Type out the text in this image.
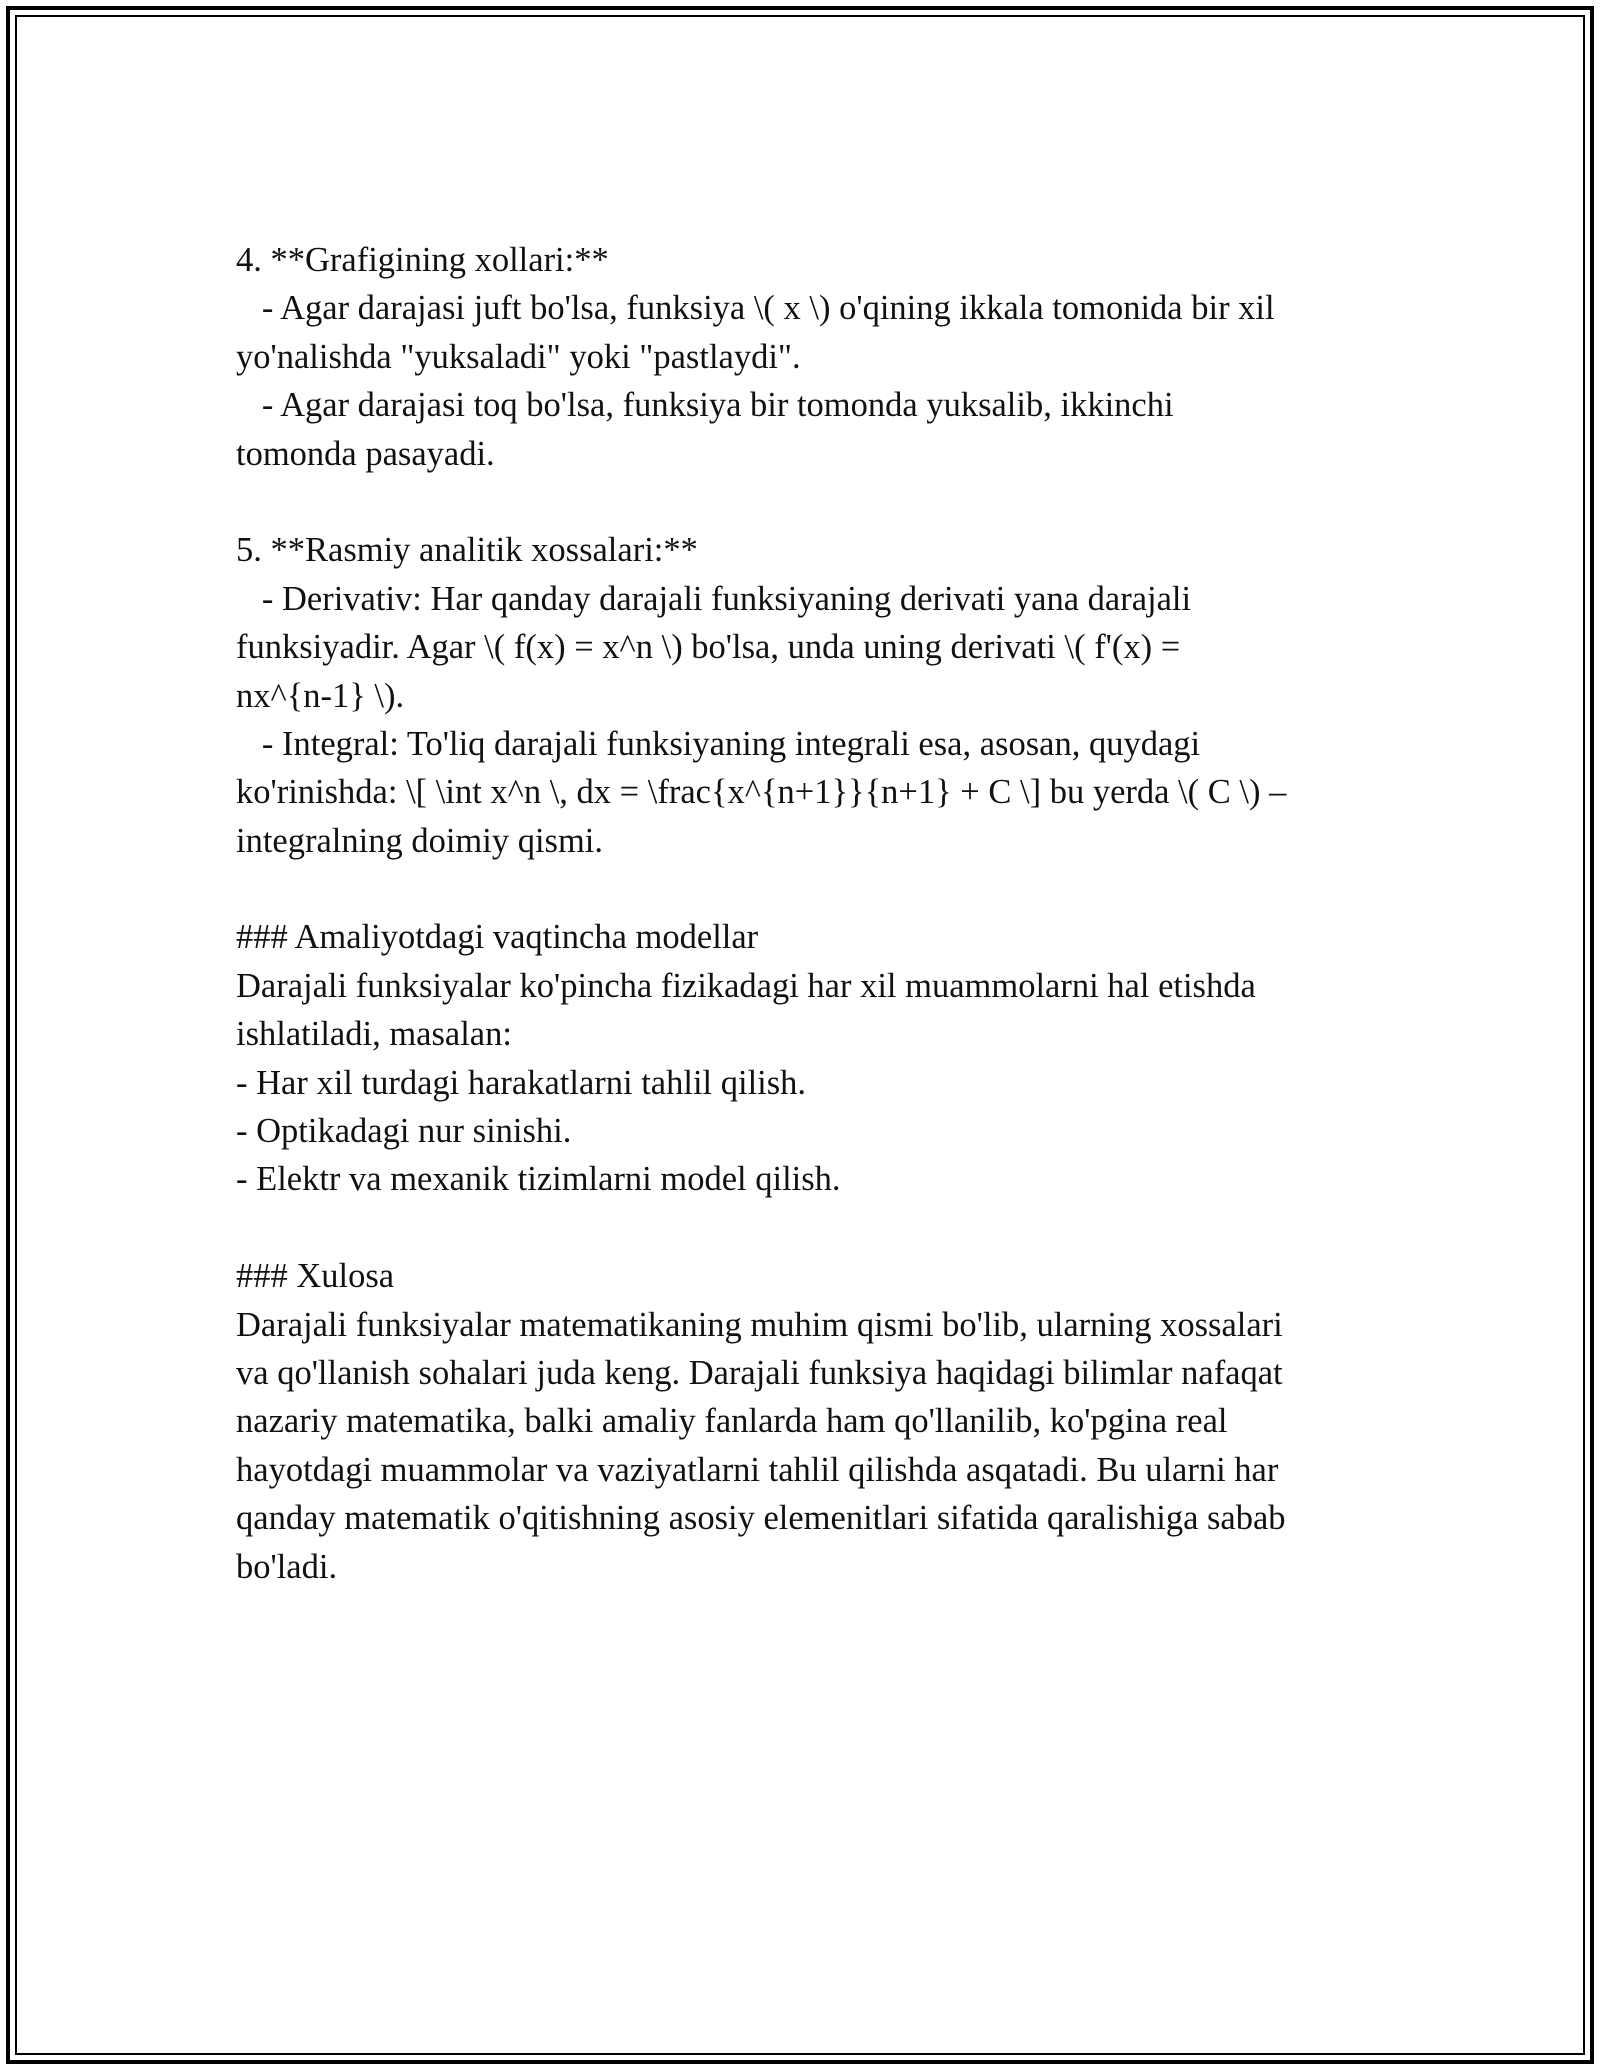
4. **Grafigining xollari:**
- Agar darajasi juft bo'lsa, funksiya \( x \) o'qining ikkala tomonida bir xil
yo'nalishda "yuksaladi" yoki "pastlaydi".
- Agar darajasi toq bo'lsa, funksiya bir tomonda yuksalib, ikkinchi
tomonda pasayadi.
5. **Rasmiy analitik xossalari:**
- Derivativ: Har qanday darajali funksiyaning derivati yana darajali
funksiyadir. Agar \( f(x) = x^n \) bo'lsa, unda uning derivati \( f'(x) =
nx^{n-1} \).
- Integral: To'liq darajali funksiyaning integrali esa, asosan, quydagi
ko'rinishda: \[ \int x^n \, dx = \frac{x^{n+1}}{n+1} + C \] bu yerda \( C \) –
integralning doimiy qismi.
### Amaliyotdagi vaqtincha modellar
Darajali funksiyalar ko'pincha fizikadagi har xil muammolarni hal etishda
ishlatiladi, masalan:
- Har xil turdagi harakatlarni tahlil qilish.
- Optikadagi nur sinishi.
- Elektr va mexanik tizimlarni model qilish.
### Xulosa
Darajali funksiyalar matematikaning muhim qismi bo'lib, ularning xossalari
va qo'llanish sohalari juda keng. Darajali funksiya haqidagi bilimlar nafaqat
nazariy matematika, balki amaliy fanlarda ham qo'llanilib, ko'pgina real
hayotdagi muammolar va vaziyatlarni tahlil qilishda asqatadi. Bu ularni har
qanday matematik o'qitishning asosiy elemenitlari sifatida qaralishiga sabab
bo'ladi.
